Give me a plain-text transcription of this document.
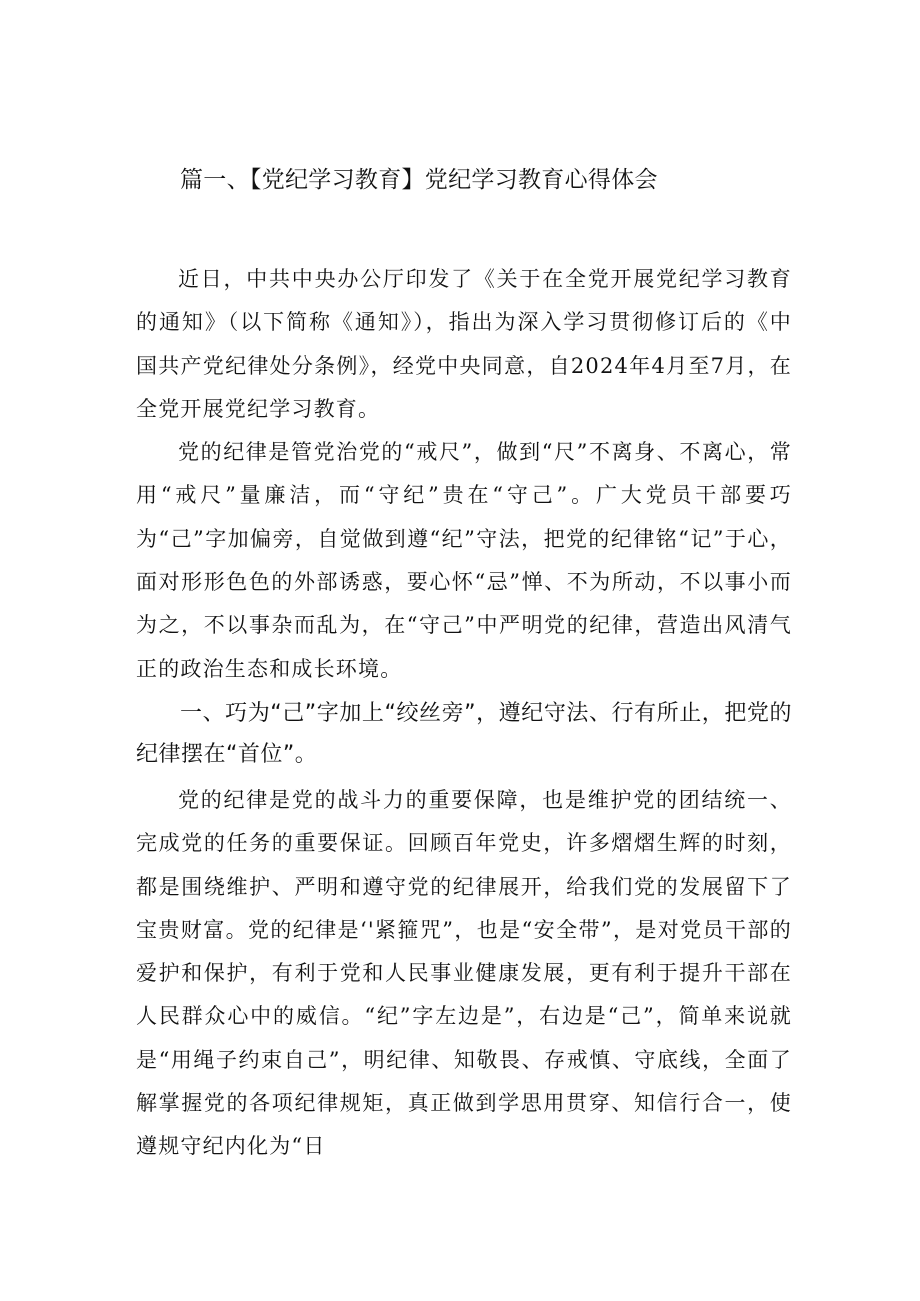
篇一、【党纪学习教育】党纪学习教育心得体会

近日，中共中央办公厅印发了《关于在全党开展党纪学习教育的通知》（以下简称《通知》），指出为深入学习贯彻修订后的《中国共产党纪律处分条例》，经党中央同意，自2024年4月至7月，在全党开展党纪学习教育。

党的纪律是管党治党的“戒尺”，做到“尺”不离身、不离心，常用“戒尺”量廉洁，而“守纪”贵在“守己”。广大党员干部要巧为“己”字加偏旁，自觉做到遵“纪”守法，把党的纪律铭“记”于心，面对形形色色的外部诱惑，要心怀“忌”惮、不为所动，不以事小而为之，不以事杂而乱为，在“守己”中严明党的纪律，营造出风清气正的政治生态和成长环境。

一、巧为“己”字加上“绞丝旁”，遵纪守法、行有所止，把党的纪律摆在“首位”。

党的纪律是党的战斗力的重要保障，也是维护党的团结统一、完成党的任务的重要保证。回顾百年党史，许多熠熠生辉的时刻，都是围绕维护、严明和遵守党的纪律展开，给我们党的发展留下了宝贵财富。党的纪律是‘'紧箍咒”，也是“安全带”，是对党员干部的爱护和保护，有利于党和人民事业健康发展，更有利于提升干部在人民群众心中的威信。“纪”字左边是”，右边是“己”，简单来说就是“用绳子约束自己”，明纪律、知敬畏、存戒慎、守底线，全面了解掌握党的各项纪律规矩，真正做到学思用贯穿、知信行合一，使遵规守纪内化为“日
